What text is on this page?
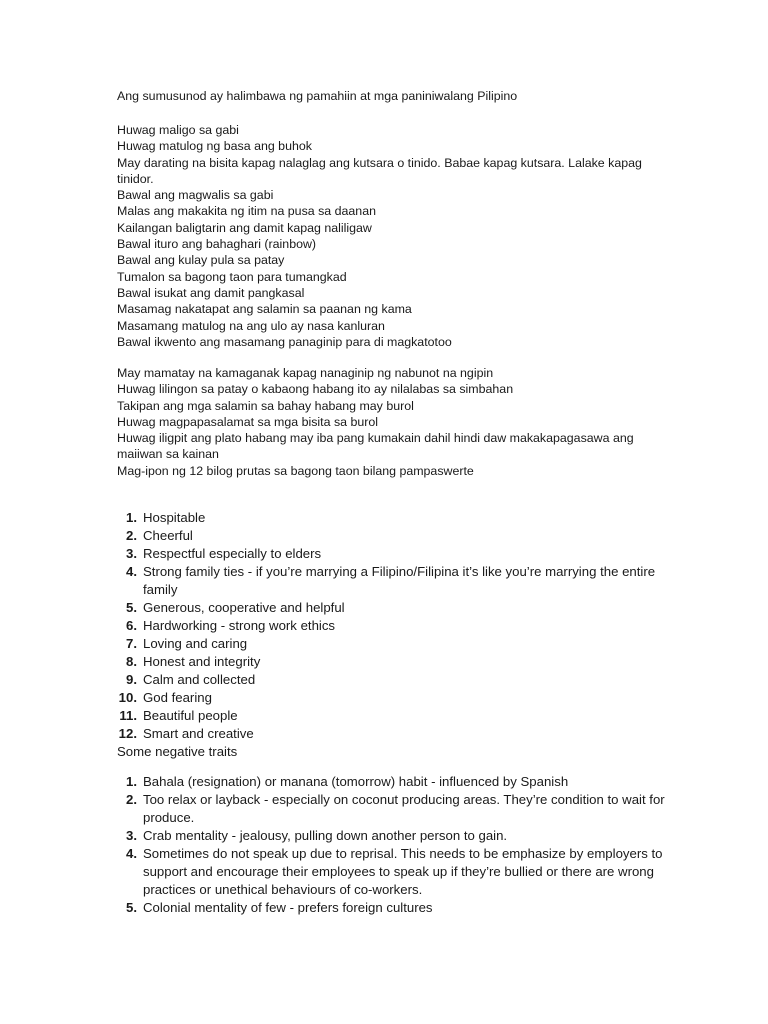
Ang sumusunod ay halimbawa ng pamahiin at mga paniniwalang Pilipino
Huwag maligo sa gabi
Huwag matulog ng basa ang buhok
May darating na bisita kapag nalaglag ang kutsara o tinido. Babae kapag kutsara. Lalake kapag tinidor.
Bawal ang magwalis sa gabi
Malas ang makakita ng itim na pusa sa daanan
Kailangan baligtarin ang damit kapag naliligaw
Bawal ituro ang bahaghari (rainbow)
Bawal ang kulay pula sa patay
Tumalon sa bagong taon para tumangkad
Bawal isukat ang damit pangkasal
Masamag nakatapat ang salamin sa paanan ng kama
Masamang matulog na ang ulo ay nasa kanluran
Bawal ikwento ang masamang panaginip para di magkatotoo
May mamatay na kamaganak kapag nanaginip ng nabunot na ngipin
Huwag lilingon sa patay o kabaong habang ito ay nilalabas sa simbahan
Takipan ang mga salamin sa bahay habang may burol
Huwag magpapasalamat sa mga bisita sa burol
Huwag iligpit ang plato habang may iba pang kumakain dahil hindi daw makakapagasawa ang maiiwan sa kainan
Mag-ipon ng 12 bilog prutas sa bagong taon bilang pampaswerte
1. Hospitable
2. Cheerful
3. Respectful especially to elders
4. Strong family ties - if you’re marrying a Filipino/Filipina it’s like you’re marrying the entire family
5. Generous, cooperative and helpful
6. Hardworking - strong work ethics
7. Loving and caring
8. Honest and integrity
9. Calm and collected
10. God fearing
11. Beautiful people
12. Smart and creative
Some negative traits
1. Bahala (resignation) or manana (tomorrow) habit - influenced by Spanish
2. Too relax or layback - especially on coconut producing areas. They’re condition to wait for produce.
3. Crab mentality - jealousy, pulling down another person to gain.
4. Sometimes do not speak up due to reprisal. This needs to be emphasize by employers to support and encourage their employees to speak up if they’re bullied or there are wrong practices or unethical behaviours of co-workers.
5. Colonial mentality of few - prefers foreign cultures
